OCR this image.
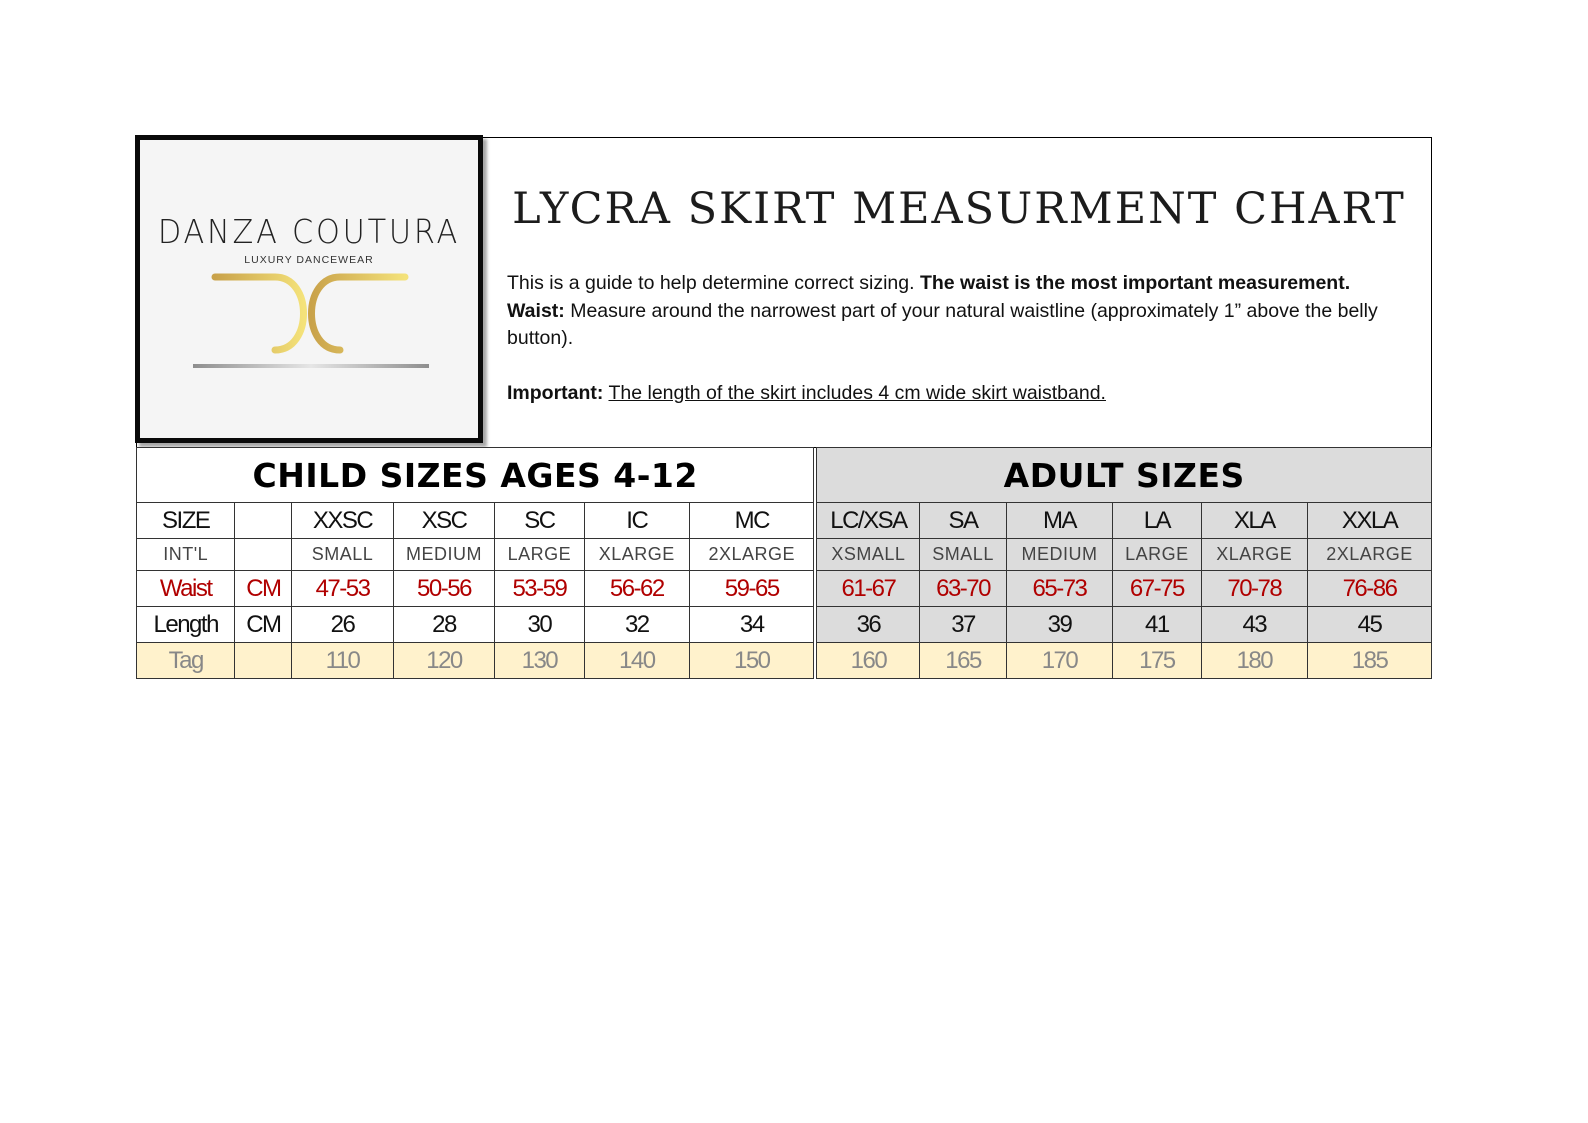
DANZA COUTURA
LUXURY DANCEWEAR
LYCRA SKIRT MEASURMENT CHART

This is a guide to help determine correct sizing. The waist is the most important measurement.
Waist: Measure around the narrowest part of your natural waistline (approximately 1” above the belly button).

Important: The length of the skirt includes 4 cm wide skirt waistband.

CHILD SIZES AGES 4-12							ADULT SIZES					
SIZE		XXSC	XSC	SC	IC	MC	LC/XSA	SA	MA	LA	XLA	XXLA
INT'L		SMALL	MEDIUM	LARGE	XLARGE	2XLARGE	XSMALL	SMALL	MEDIUM	LARGE	XLARGE	2XLARGE
Waist	CM	47-53	50-56	53-59	56-62	59-65	61-67	63-70	65-73	67-75	70-78	76-86
Length	CM	26	28	30	32	34	36	37	39	41	43	45
Tag		110	120	130	140	150	160	165	170	175	180	185
